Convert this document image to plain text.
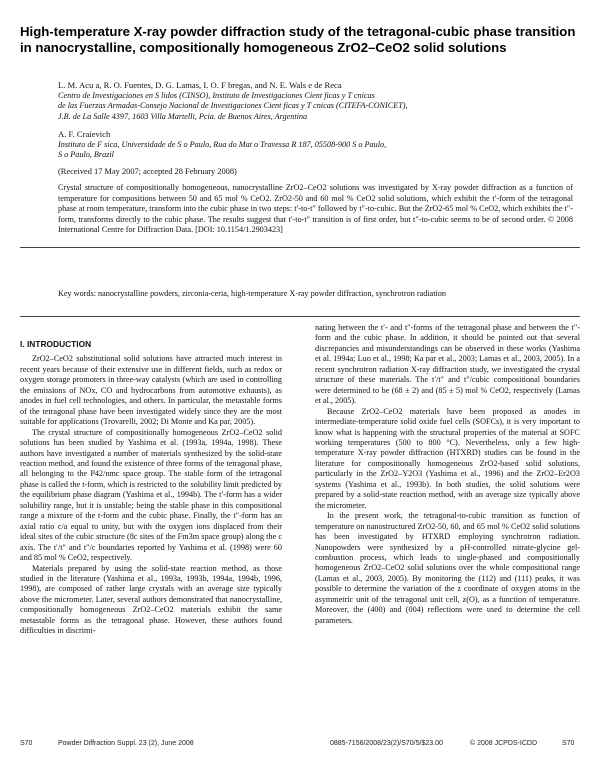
High-temperature X-ray powder diffraction study of the tetragonal-cubic phase transition in nanocrystalline, compositionally homogeneous ZrO2–CeO2 solid solutions
L. M. Acu a, R. O. Fuentes, D. G. Lamas, I. O. F bregas, and N. E. Wals e de Reca
Centro de Investigaciones en S lidos (CINSO), Instituto de Investigaciones Cient ficas y T cnicas
de las Fuerzas Armadas-Consejo Nacional de Investigaciones Cient ficas y T cnicas (CITEFA-CONICET),
J.B. de La Salle 4397, 1603 Villa Martelli, Pcia. de Buenos Aires, Argentina
A. F. Craievich
Instituto de F sica, Universidade de S o Paulo, Rua do Mat o Travessa R 187, 05508-900 S o Paulo,
S o Paulo, Brazil
(Received 17 May 2007; accepted 28 February 2008)

Crystal structure of compositionally homogeneous, nanocrystalline ZrO2–CeO2 solutions was investigated by X-ray powder diffraction as a function of temperature for compositions between 50 and 65 mol % CeO2. ZrO2-50 and 60 mol % CeO2 solid solutions, which exhibit the t′-form of the tetragonal phase at room temperature, transform into the cubic phase in two steps: t′-to-t″ followed by t″-to-cubic. But the ZrO2-65 mol % CeO2, which exhibits the t″-form, transforms directly to the cubic phase. The results suggest that t′-to-t″ transition is of first order, but t″-to-cubic seems to be of second order. © 2008 International Centre for Diffraction Data. [DOI: 10.1154/1.2903423]

Key words: nanocrystalline powders, zirconia-ceria, high-temperature X-ray powder diffraction, synchrotron radiation

I. INTRODUCTION

ZrO2–CeO2 substitutional solid solutions have attracted much interest in recent years because of their extensive use in different fields, such as redox or oxygen storage promoters in three-way catalysts (which are used in controlling the emissions of NOx, CO and hydrocarbons from automotive exhausts), as anodes in fuel cell technologies, and others. In particular, the metastable forms of the tetragonal phase have been investigated widely since they are the most suitable for applications (Trovarelli, 2002; Di Monte and Ka par, 2005).

The crystal structure of compositionally homogeneous ZrO2–CeO2 solid solutions has been studied by Yashima et al. (1993a, 1994a, 1998). These authors have investigated a number of materials synthesized by the solid-state reaction method, and found the existence of three forms of the tetragonal phase, all belonging to the P42/nmc space group. The stable form of the tetragonal phase is called the t-form, which is restricted to the solubility limit predicted by the equilibrium phase diagram (Yashima et al., 1994b). The t′-form has a wider solubility range, but it is unstable; being the stable phase in this compositional range a mixture of the t-form and the cubic phase. Finally, the t″-form has an axial ratio c/a equal to unity, but with the oxygen ions displaced from their ideal sites of the cubic structure (8c sites of the Fm3m space group) along the c axis. The t′/t″ and t″/c boundaries reported by Yashima et al. (1998) were 60 and 85 mol % CeO2, respectively.

Materials prepared by using the solid-state reaction method, as those studied in the literature (Yashima et al., 1993a, 1993b, 1994a, 1994b, 1996, 1998), are composed of rather large crystals with an average size typically above the micrometer. Later, several authors demonstrated that nanocrystalline, compositionally homogeneous ZrO2–CeO2 materials exhibit the same metastable forms as the tetragonal phase. However, these authors found difficulties in discrimi-

nating between the t′- and t″-forms of the tetragonal phase and between the t″-form and the cubic phase. In addition, it should be pointed out that several discrepancies and misunderstandings can be observed in these works (Yashima et al. 1994a; Luo et al., 1998; Ka par et al., 2003; Lamas et al., 2003, 2005). In a recent synchrotron radiation X-ray diffraction study, we investigated the crystal structure of these materials. The t′/t″ and t″/cubic compositional boundaries were determined to be (68 ± 2) and (85 ± 5) mol % CeO2, respectively (Lamas et al., 2005).

Because ZrO2–CeO2 materials have been proposed as anodes in intermediate-temperature solid oxide fuel cells (SOFCs), it is very important to know what is happening with the structural properties of the material at SOFC working temperatures (500 to 800 °C). Nevertheless, only a few high-temperature X-ray powder diffraction (HTXRD) studies can be found in the literature for compositionally homogeneous ZrO2-based solid solutions, particularly in the ZrO2–Y2O3 (Yashima et al., 1996) and the ZrO2–Er2O3 systems (Yashima et al., 1993b). In both studies, the solid solutions were prepared by a solid-state reaction method, with an average size typically above the micrometer.

In the present work, the tetragonal-to-cubic transition as function of temperature on nanostructured ZrO2-50, 60, and 65 mol % CeO2 solid solutions has been investigated by HTXRD employing synchrotron radiation. Nanopowders were synthesized by a pH-controlled nitrate-glycine gel-combustion process, which leads to single-phased and compositionally homogeneous ZrO2–CeO2 solid solutions over the whole compositional range (Lamas et al., 2003, 2005). By monitoring the (112) and (111) peaks, it was possible to determine the variation of the z coordinate of oxygen atoms in the asymmetric unit of the tetragonal unit cell, z(O), as a function of temperature. Moreover, the (400) and (004) reflections were used to determine the cell parameters.

S70	Powder Diffraction Suppl. 23 (2), June 2008	0885-7156/2008/23(2)/S70/5/$23.00	© 2008 JCPDS-ICDD	S70
